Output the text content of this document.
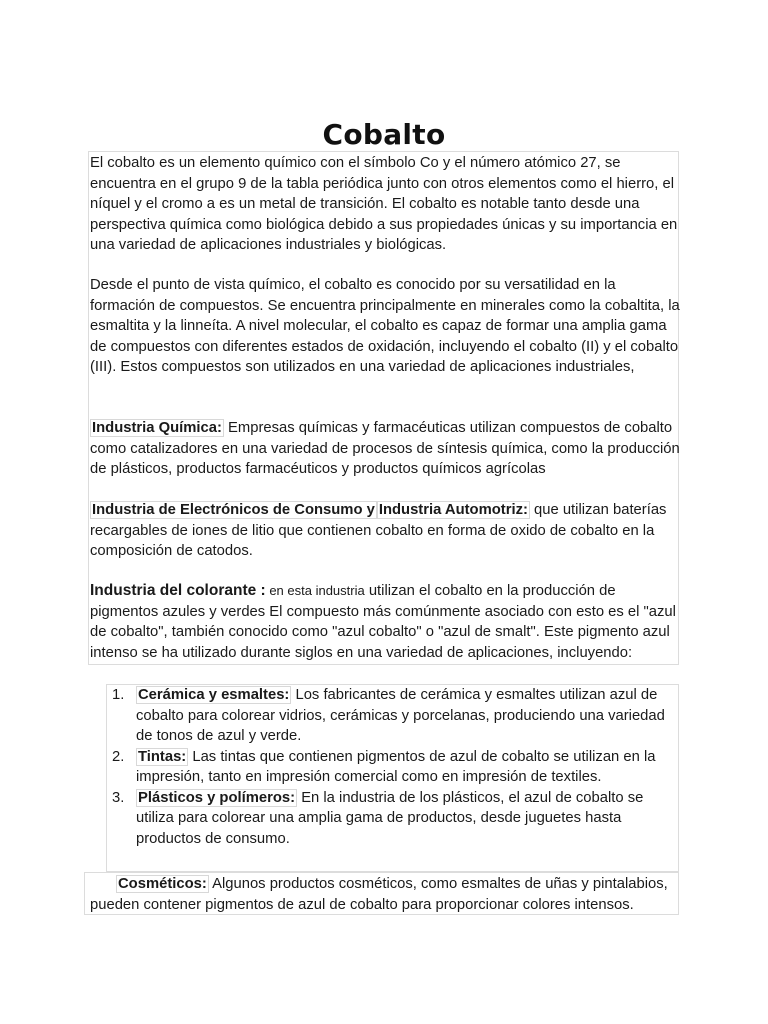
Cobalto

El cobalto es un elemento químico con el símbolo Co y el número atómico 27, se encuentra en el grupo 9 de la tabla periódica junto con otros elementos como el hierro, el níquel y el cromo a es un metal de transición. El cobalto es notable tanto desde una perspectiva química como biológica debido a sus propiedades únicas y su importancia en una variedad de aplicaciones industriales y biológicas.

Desde el punto de vista químico, el cobalto es conocido por su versatilidad en la formación de compuestos. Se encuentra principalmente en minerales como la cobaltita, la esmaltita y la linneíta. A nivel molecular, el cobalto es capaz de formar una amplia gama de compuestos con diferentes estados de oxidación, incluyendo el cobalto (II) y el cobalto (III). Estos compuestos son utilizados en una variedad de aplicaciones industriales,

Industria Química: Empresas químicas y farmacéuticas utilizan compuestos de cobalto como catalizadores en una variedad de procesos de síntesis química, como la producción de plásticos, productos farmacéuticos y productos químicos agrícolas

Industria de Electrónicos de Consumo y Industria Automotriz: que utilizan baterías recargables de iones de litio que contienen cobalto en forma de oxido de cobalto en la composición de catodos.

Industria del colorante : en esta industria utilizan el cobalto en la producción de pigmentos azules y verdes El compuesto más comúnmente asociado con esto es el "azul de cobalto", también conocido como "azul cobalto" o "azul de smalt". Este pigmento azul intenso se ha utilizado durante siglos en una variedad de aplicaciones, incluyendo:

1. Cerámica y esmaltes: Los fabricantes de cerámica y esmaltes utilizan azul de cobalto para colorear vidrios, cerámicas y porcelanas, produciendo una variedad de tonos de azul y verde.
2. Tintas: Las tintas que contienen pigmentos de azul de cobalto se utilizan en la impresión, tanto en impresión comercial como en impresión de textiles.
3. Plásticos y polímeros: En la industria de los plásticos, el azul de cobalto se utiliza para colorear una amplia gama de productos, desde juguetes hasta productos de consumo.

Cosméticos: Algunos productos cosméticos, como esmaltes de uñas y pintalabios, pueden contener pigmentos de azul de cobalto para proporcionar colores intensos.
